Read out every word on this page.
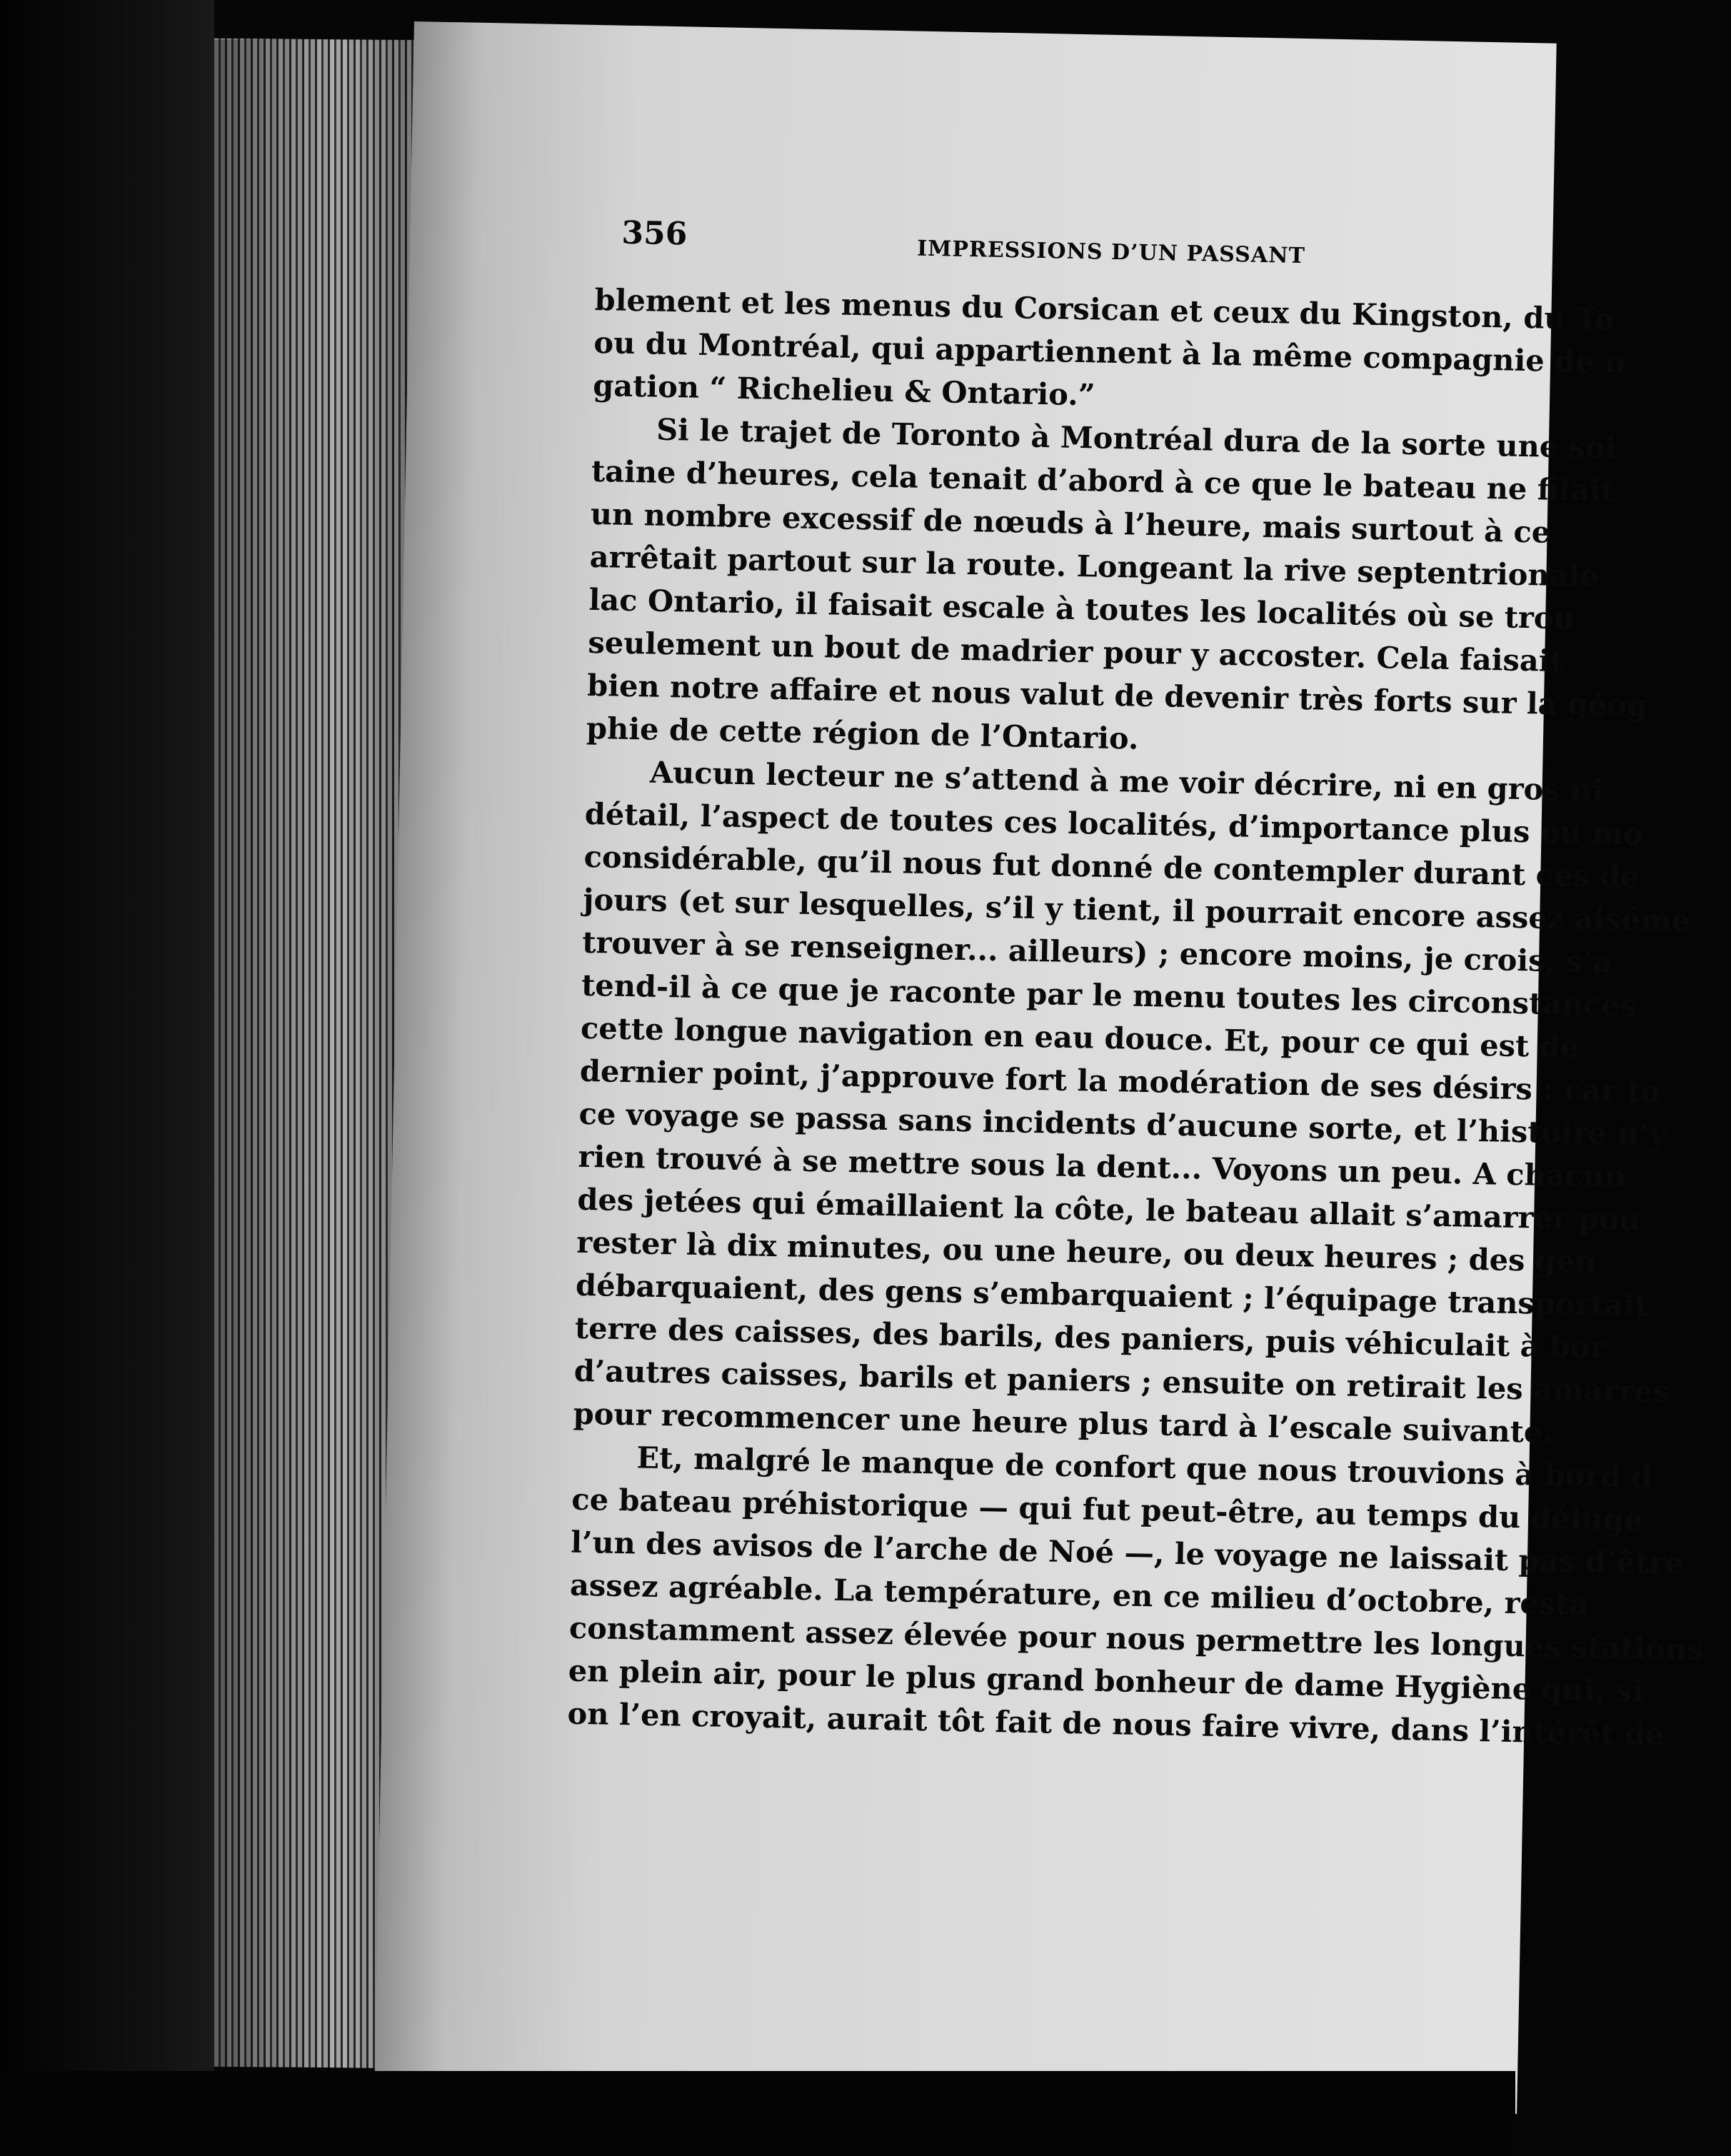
356	IMPRESSIONS D’UN PASSANT
blement et les menus du Corsican et ceux du Kingston, du To
ou du Montréal, qui appartiennent à la même compagnie de n
gation “ Richelieu & Ontario.”
Si le trajet de Toronto à Montréal dura de la sorte une soi
taine d’heures, cela tenait d’abord à ce que le bateau ne filait
un nombre excessif de nœuds à l’heure, mais surtout à ce
arrêtait partout sur la route. Longeant la rive septentrionale
lac Ontario, il faisait escale à toutes les localités où se trou
seulement un bout de madrier pour y accoster. Cela faisait
bien notre affaire et nous valut de devenir très forts sur la géog
phie de cette région de l’Ontario.
Aucun lecteur ne s’attend à me voir décrire, ni en gros ni
détail, l’aspect de toutes ces localités, d’importance plus ou mo
considérable, qu’il nous fut donné de contempler durant ces de
jours (et sur lesquelles, s’il y tient, il pourrait encore assez aiséme
trouver à se renseigner... ailleurs) ; encore moins, je crois, s’a
tend-il à ce que je raconte par le menu toutes les circonstances
cette longue navigation en eau douce. Et, pour ce qui est de
dernier point, j’approuve fort la modération de ses désirs : car to
ce voyage se passa sans incidents d’aucune sorte, et l’histoire n’y
rien trouvé à se mettre sous la dent... Voyons un peu. A chacun
des jetées qui émaillaient la côte, le bateau allait s’amarrer pou
rester là dix minutes, ou une heure, ou deux heures ; des gen
débarquaient, des gens s’embarquaient ; l’équipage transportait
terre des caisses, des barils, des paniers, puis véhiculait à bor
d’autres caisses, barils et paniers ; ensuite on retirait les amarres
pour recommencer une heure plus tard à l’escale suivante.
Et, malgré le manque de confort que nous trouvions à bord d
ce bateau préhistorique — qui fut peut-être, au temps du déluge
l’un des avisos de l’arche de Noé —, le voyage ne laissait pas d’être
assez agréable. La température, en ce milieu d’octobre, resta
constamment assez élevée pour nous permettre les longues stations
en plein air, pour le plus grand bonheur de dame Hygiène qui, si
on l’en croyait, aurait tôt fait de nous faire vivre, dans l’intérêt de
